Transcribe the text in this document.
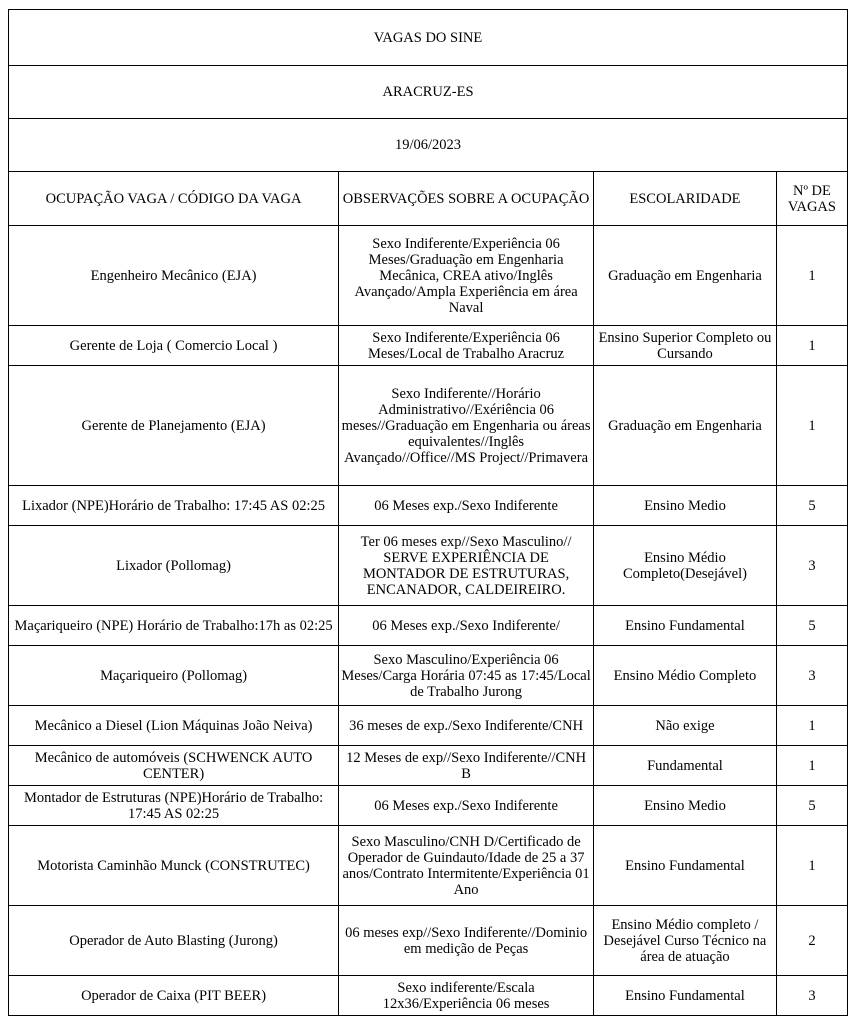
VAGAS DO SINE			
ARACRUZ-ES			
19/06/2023			
OCUPAÇÃO VAGA / CÓDIGO DA VAGA	OBSERVAÇÕES SOBRE A OCUPAÇÃO	ESCOLARIDADE	Nº DE VAGAS
Engenheiro Mecânico (EJA)	Sexo Indiferente/Experiência 06 Meses/Graduação em Engenharia Mecânica, CREA ativo/Inglês Avançado/Ampla Experiência em área Naval	Graduação em Engenharia	1
Gerente de Loja ( Comercio Local )	Sexo Indiferente/Experiência 06 Meses/Local de Trabalho Aracruz	Ensino Superior Completo ou Cursando	1
Gerente de Planejamento (EJA)	Sexo Indiferente//Horário Administrativo//Exériência 06 meses//Graduação em Engenharia ou áreas equivalentes//Inglês Avançado//Office//MS Project//Primavera	Graduação em Engenharia	1
Lixador (NPE)Horário de Trabalho: 17:45 AS 02:25	06 Meses exp./Sexo Indiferente	Ensino Medio	5
Lixador (Pollomag)	Ter 06 meses exp//Sexo Masculino// SERVE EXPERIÊNCIA DE MONTADOR DE ESTRUTURAS, ENCANADOR, CALDEIREIRO.	Ensino Médio Completo(Desejável)	3
Maçariqueiro (NPE) Horário de Trabalho:17h as 02:25	06 Meses exp./Sexo Indiferente/	Ensino Fundamental	5
Maçariqueiro (Pollomag)	Sexo Masculino/Experiência 06 Meses/Carga Horária 07:45 as 17:45/Local de Trabalho Jurong	Ensino Médio Completo	3
Mecânico a Diesel (Lion Máquinas João Neiva)	36 meses de exp./Sexo Indiferente/CNH	Não exige	1
Mecânico de automóveis (SCHWENCK AUTO CENTER)	12 Meses de exp//Sexo Indiferente//CNH B	Fundamental	1
Montador de Estruturas (NPE)Horário de Trabalho: 17:45 AS 02:25	06 Meses exp./Sexo Indiferente	Ensino Medio	5
Motorista Caminhão Munck (CONSTRUTEC)	Sexo Masculino/CNH D/Certificado de Operador de Guindauto/Idade de 25 a 37 anos/Contrato Intermitente/Experiência 01 Ano	Ensino Fundamental	1
Operador de Auto Blasting (Jurong)	06 meses exp//Sexo Indiferente//Dominio em medição de Peças	Ensino Médio completo / Desejável Curso Técnico na área de atuação	2
Operador de Caixa (PIT BEER)	Sexo indiferente/Escala 12x36/Experiência 06 meses	Ensino Fundamental	3
